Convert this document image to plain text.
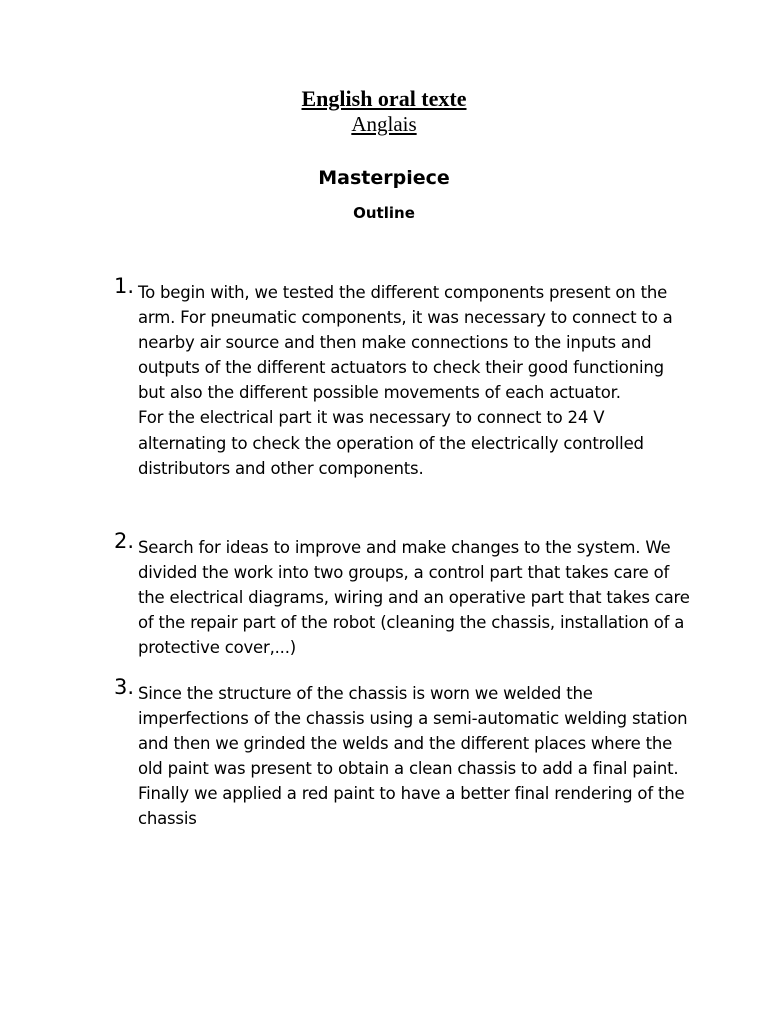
English oral texte
Anglais
Masterpiece
Outline
1. To begin with, we tested the different components present on the arm. For pneumatic components, it was necessary to connect to a nearby air source and then make connections to the inputs and outputs of the different actuators to check their good functioning but also the different possible movements of each actuator.

For the electrical part it was necessary to connect to 24 V alternating to check the operation of the electrically controlled distributors and other components.

2. Search for ideas to improve and make changes to the system. We divided the work into two groups, a control part that takes care of the electrical diagrams, wiring and an operative part that takes care of the repair part of the robot (cleaning the chassis, installation of a protective cover,...)

3. Since the structure of the chassis is worn we welded the imperfections of the chassis using a semi-automatic welding station and then we grinded the welds and the different places where the old paint was present to obtain a clean chassis to add a final paint.

Finally we applied a red paint to have a better final rendering of the chassis
